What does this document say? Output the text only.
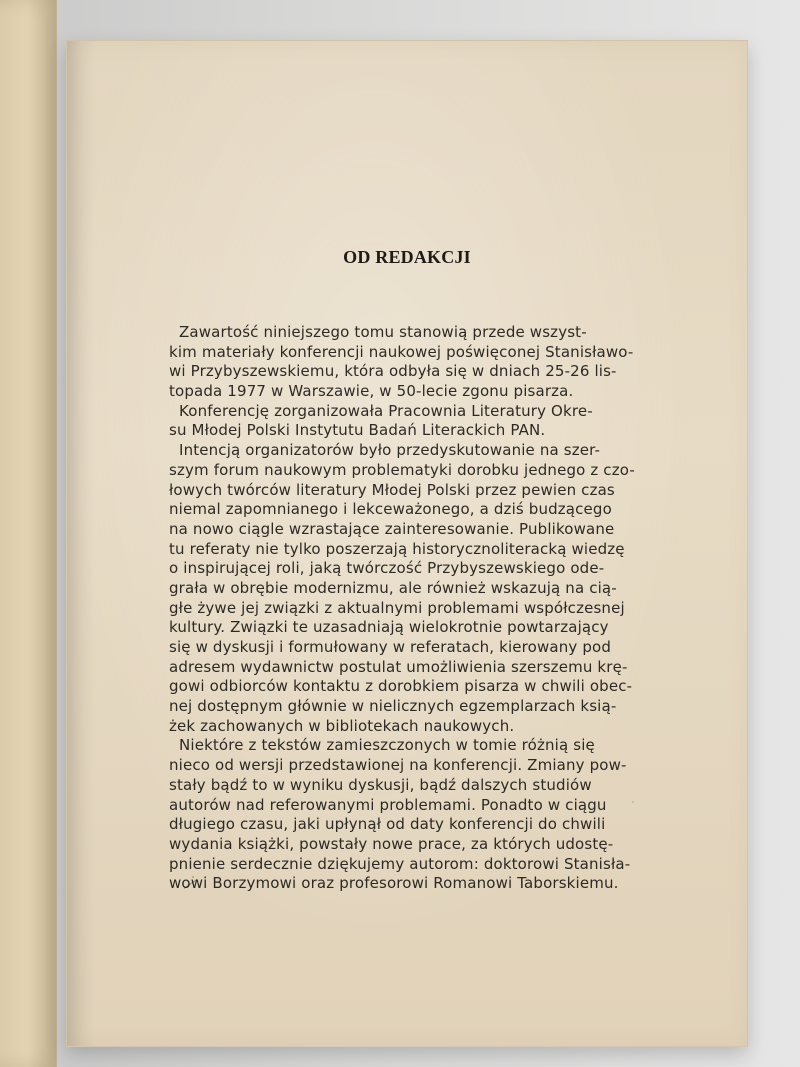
OD REDAKCJI
Zawartość niniejszego tomu stanowią przede wszyst-
kim materiały konferencji naukowej poświęconej Stanisławo-
wi Przybyszewskiemu, która odbyła się w dniach 25-26 lis-
topada 1977 w Warszawie, w 50-lecie zgonu pisarza.
Konferencję zorganizowała Pracownia Literatury Okre-
su Młodej Polski Instytutu Badań Literackich PAN.
Intencją organizatorów było przedyskutowanie na szer-
szym forum naukowym problematyki dorobku jednego z czo-
łowych twórców literatury Młodej Polski przez pewien czas
niemal zapomnianego i lekceważonego, a dziś budzącego
na nowo ciągle wzrastające zainteresowanie. Publikowane
tu referaty nie tylko poszerzają historycznoliteracką wiedzę
o inspirującej roli, jaką twórczość Przybyszewskiego ode-
grała w obrębie modernizmu, ale również wskazują na cią-
głe żywe jej związki z aktualnymi problemami współczesnej
kultury. Związki te uzasadniają wielokrotnie powtarzający
się w dyskusji i formułowany w referatach, kierowany pod
adresem wydawnictw postulat umożliwienia szerszemu krę-
gowi odbiorców kontaktu z dorobkiem pisarza w chwili obec-
nej dostępnym głównie w nielicznych egzemplarzach ksią-
żek zachowanych w bibliotekach naukowych.
Niektóre z tekstów zamieszczonych w tomie różnią się
nieco od wersji przedstawionej na konferencji. Zmiany pow-
stały bądź to w wyniku dyskusji, bądź dalszych studiów
autorów nad referowanymi problemami. Ponadto w ciągu
długiego czasu, jaki upłynął od daty konferencji do chwili
wydania książki, powstały nowe prace, za których udostę-
pnienie serdecznie dziękujemy autorom: doktorowi Stanisła-
wowi Borzymowi oraz profesorowi Romanowi Taborskiemu.
